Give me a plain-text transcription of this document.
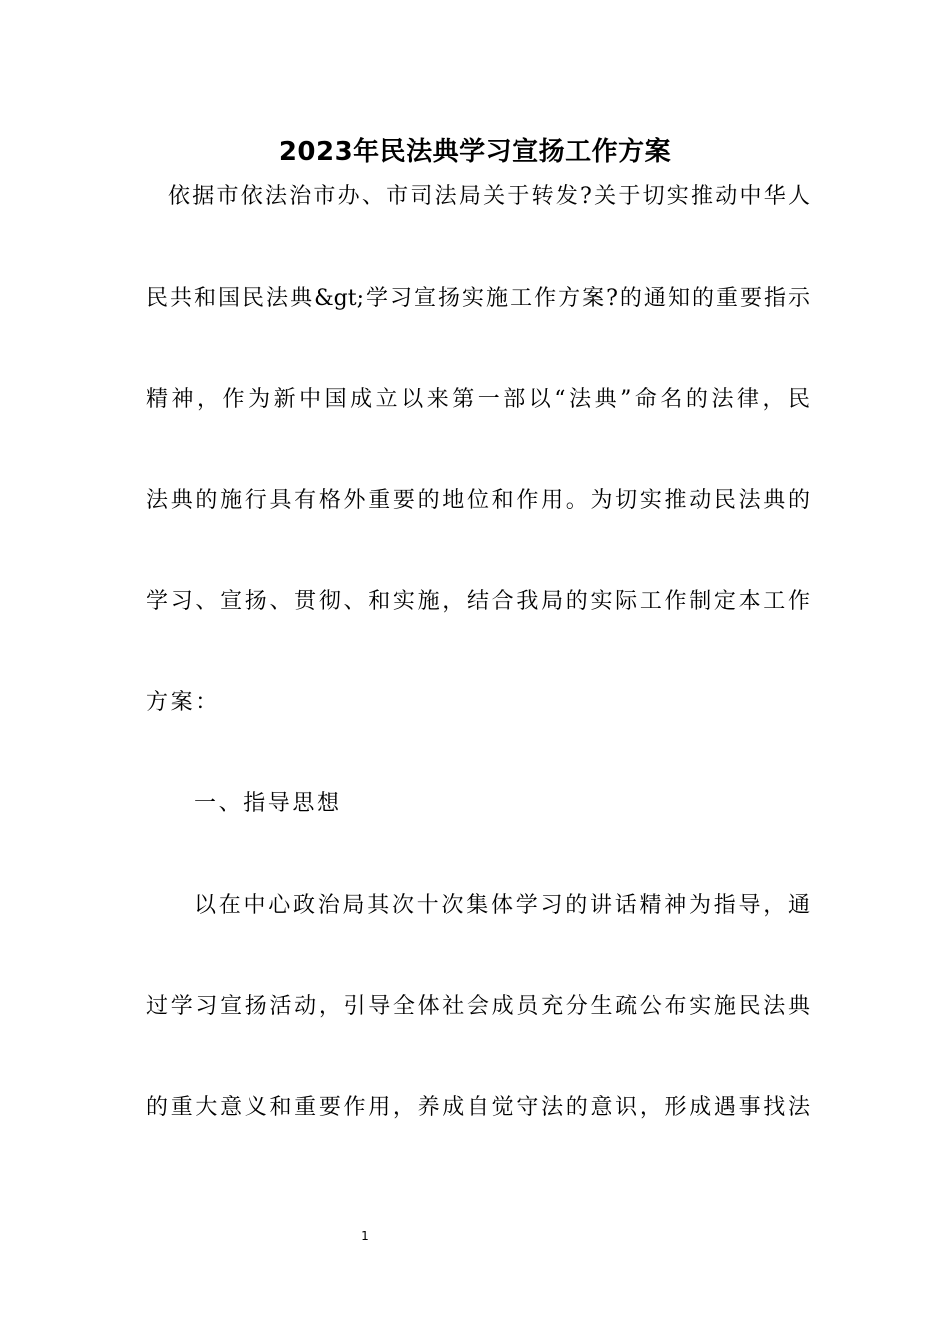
2023年民法典学习宣扬工作方案
依据市依法治市办、市司法局关于转发?关于切实推动中华人
民共和国民法典&gt;学习宣扬实施工作方案?的通知的重要指示
精神，作为新中国成立以来第一部以“法典”命名的法律，民
法典的施行具有格外重要的地位和作用。为切实推动民法典的
学习、宣扬、贯彻、和实施，结合我局的实际工作制定本工作
方案：
一、指导思想
以在中心政治局其次十次集体学习的讲话精神为指导，通
过学习宣扬活动，引导全体社会成员充分生疏公布实施民法典
的重大意义和重要作用，养成自觉守法的意识，形成遇事找法
1
